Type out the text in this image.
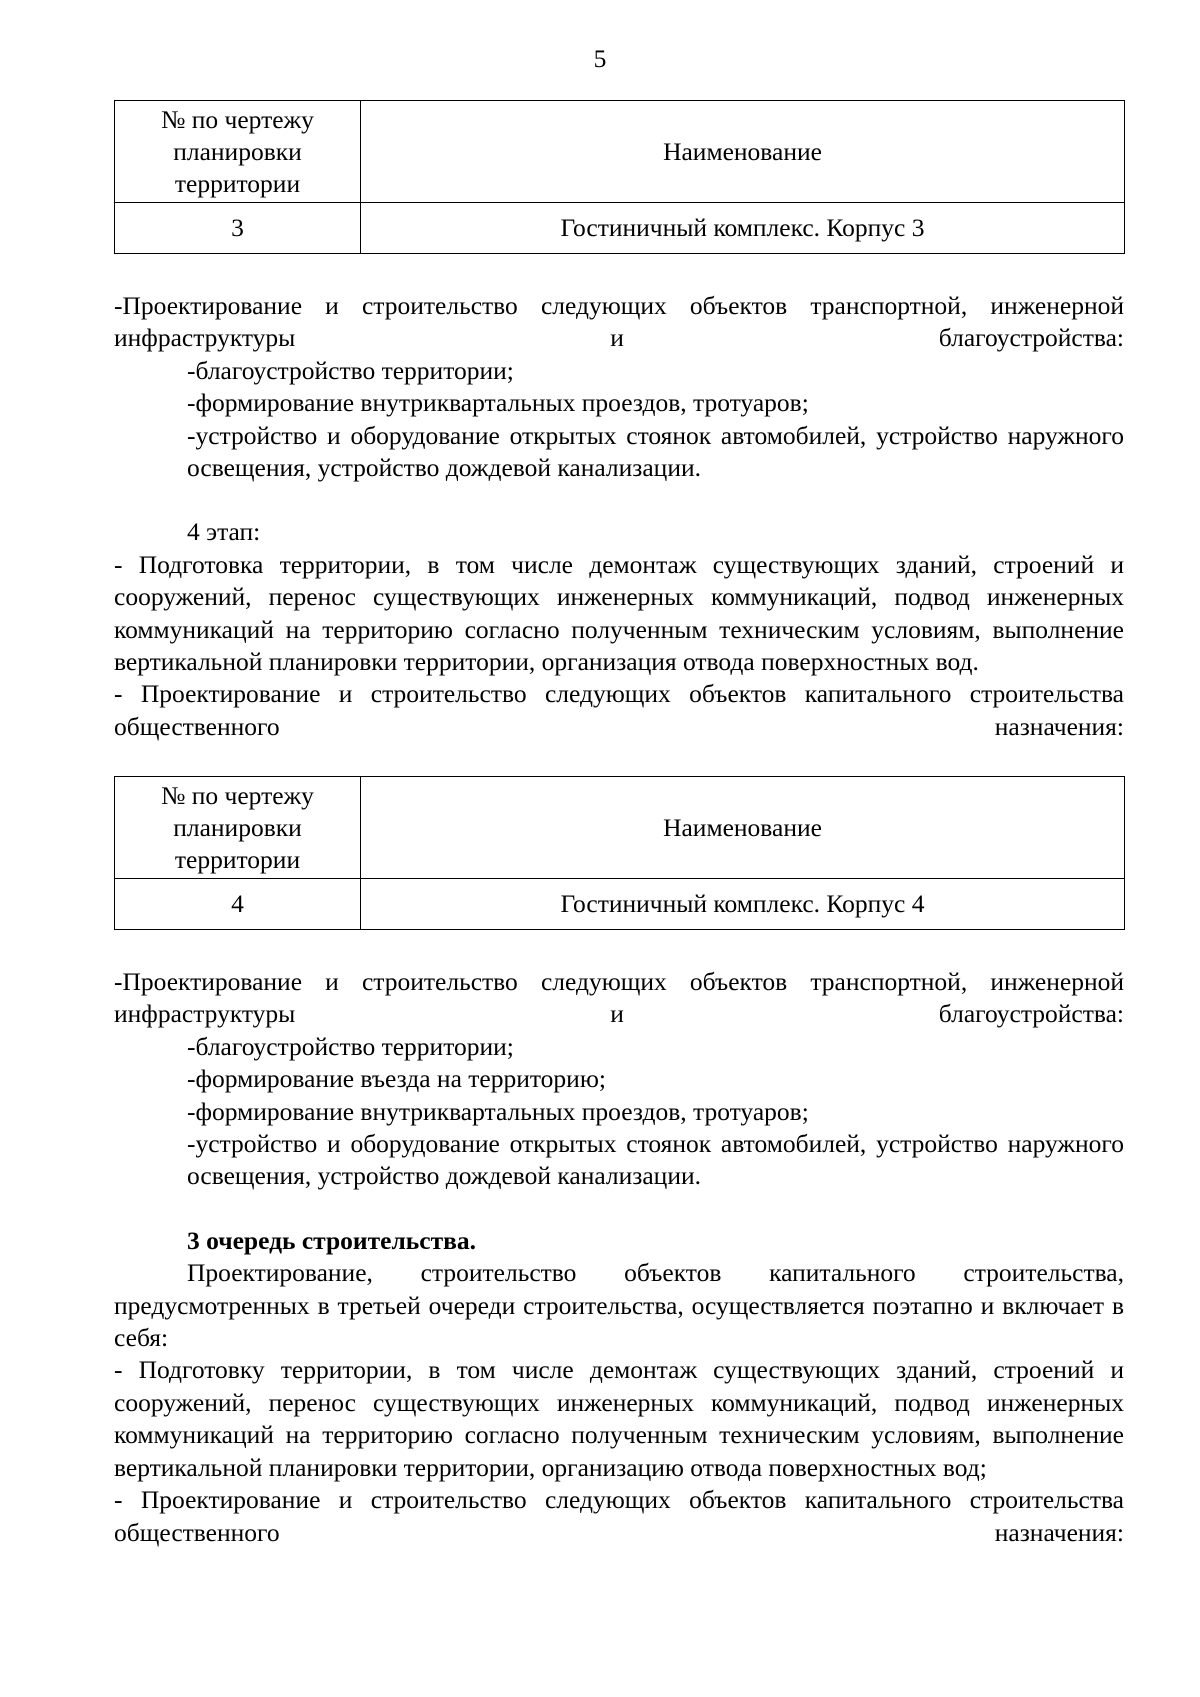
5
№ по чертежу
планировки
территории	Наименование
3	Гостиничный комплекс. Корпус 3

-Проектирование и строительство следующих объектов транспортной, инженерной инфраструктуры и благоустройства:

-благоустройство территории;

-формирование внутриквартальных проездов, тротуаров;

-устройство и оборудование открытых стоянок автомобилей, устройство наружного освещения, устройство дождевой канализации.

4 этап:

- Подготовка территории, в том числе демонтаж существующих зданий, строений и сооружений, перенос существующих инженерных коммуникаций, подвод инженерных коммуникаций на территорию согласно полученным техническим условиям, выполнение вертикальной планировки территории, организация отвода поверхностных вод.

- Проектирование и строительство следующих объектов капитального строительства общественного назначения:

№ по чертежу
планировки
территории	Наименование
4	Гостиничный комплекс. Корпус 4

-Проектирование и строительство следующих объектов транспортной, инженерной инфраструктуры и благоустройства:

-благоустройство территории;

-формирование въезда на территорию;

-формирование внутриквартальных проездов, тротуаров;

-устройство и оборудование открытых стоянок автомобилей, устройство наружного освещения, устройство дождевой канализации.

3 очередь строительства.

Проектирование, строительство объектов капитального строительства, предусмотренных в третьей очереди строительства, осуществляется поэтапно и включает в себя:

- Подготовку территории, в том числе демонтаж существующих зданий, строений и сооружений, перенос существующих инженерных коммуникаций, подвод инженерных коммуникаций на территорию согласно полученным техническим условиям, выполнение вертикальной планировки территории, организацию отвода поверхностных вод;

- Проектирование и строительство следующих объектов капитального строительства общественного назначения:
